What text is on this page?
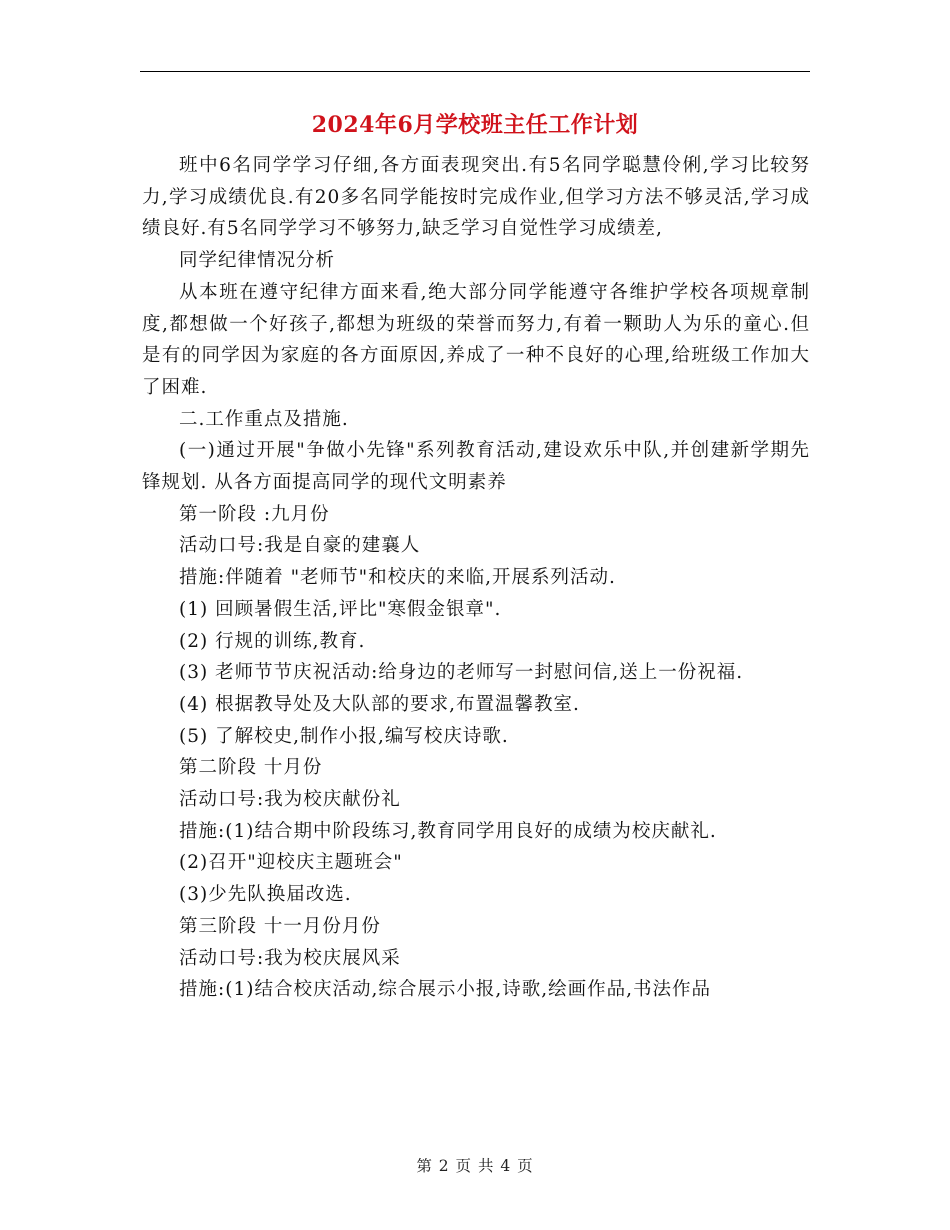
2024年6月学校班主任工作计划

班中6名同学学习仔细,各方面表现突出.有5名同学聪慧伶俐,学习比较努力,学习成绩优良.有20多名同学能按时完成作业,但学习方法不够灵活,学习成绩良好.有5名同学学习不够努力,缺乏学习自觉性学习成绩差,

同学纪律情况分析

从本班在遵守纪律方面来看,绝大部分同学能遵守各维护学校各项规章制度,都想做一个好孩子,都想为班级的荣誉而努力,有着一颗助人为乐的童心.但是有的同学因为家庭的各方面原因,养成了一种不良好的心理,给班级工作加大了困难.

二.工作重点及措施.

(一)通过开展"争做小先锋"系列教育活动,建设欢乐中队,并创建新学期先锋规划. 从各方面提高同学的现代文明素养

第一阶段 :九月份

活动口号:我是自豪的建襄人

措施:伴随着 "老师节"和校庆的来临,开展系列活动.

(1) 回顾暑假生活,评比"寒假金银章".

(2) 行规的训练,教育.

(3) 老师节节庆祝活动:给身边的老师写一封慰问信,送上一份祝福.

(4) 根据教导处及大队部的要求,布置温馨教室.

(5) 了解校史,制作小报,编写校庆诗歌.

第二阶段 十月份

活动口号:我为校庆献份礼

措施:(1)结合期中阶段练习,教育同学用良好的成绩为校庆献礼.

(2)召开"迎校庆主题班会"

(3)少先队换届改选.

第三阶段 十一月份月份

活动口号:我为校庆展风采

措施:(1)结合校庆活动,综合展示小报,诗歌,绘画作品,书法作品

第 2 页 共 4 页
